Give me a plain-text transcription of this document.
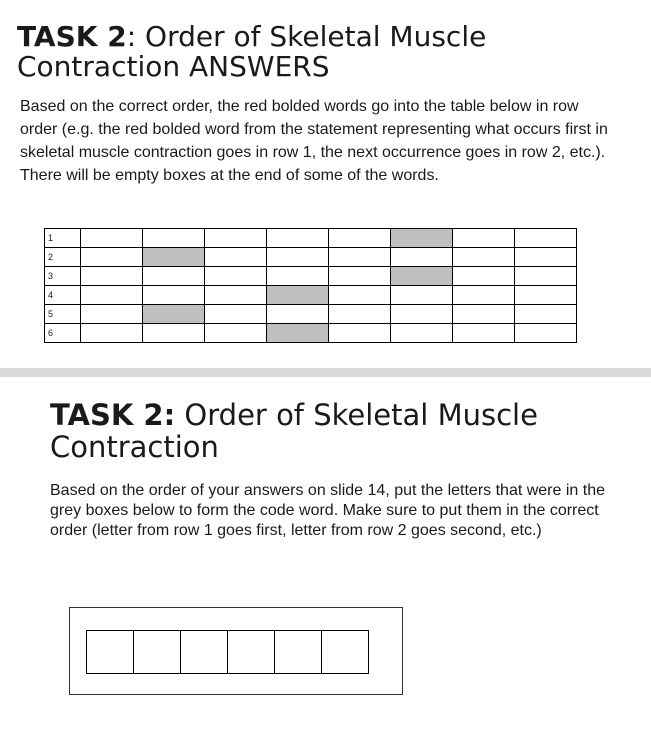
TASK 2: Order of Skeletal Muscle Contraction ANSWERS

Based on the correct order, the red bolded words go into the table below in row order (e.g. the red bolded word from the statement representing what occurs first in skeletal muscle contraction goes in row 1, the next occurrence goes in row 2, etc.). There will be empty boxes at the end of some of the words.

1								
2								
3								
4								
5								
6								
TASK 2: Order of Skeletal Muscle Contraction

Based on the order of your answers on slide 14, put the letters that were in the grey boxes below to form the code word. Make sure to put them in the correct order (letter from row 1 goes first, letter from row 2 goes second, etc.)
